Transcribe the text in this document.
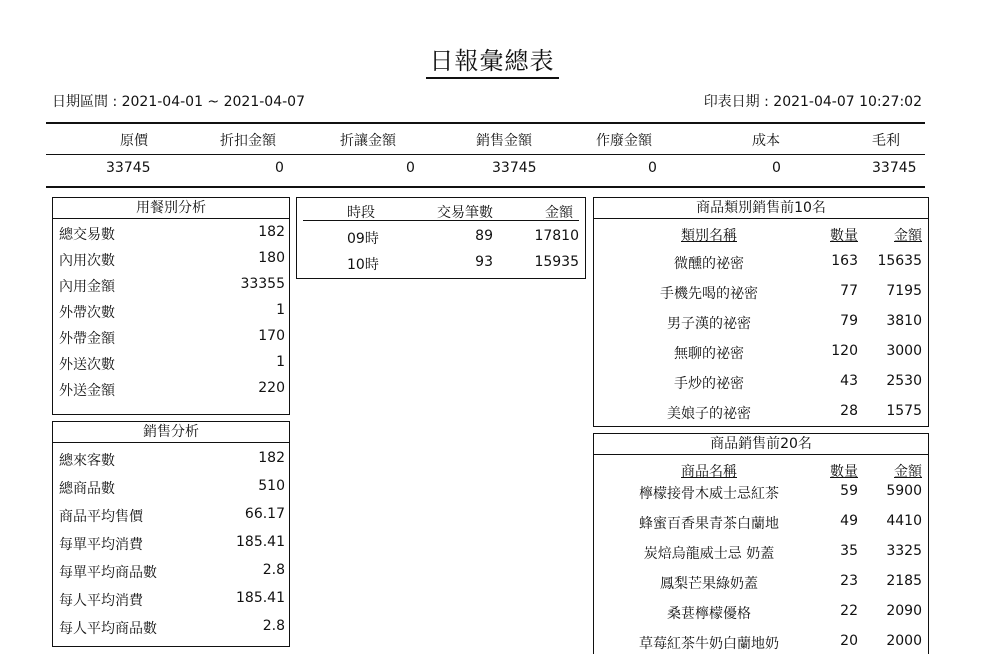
日報彙總表
日期區間 : 2021-04-01 ~ 2021-04-07	印表日期 : 2021-04-07 10:27:02
原價	折扣金額	折讓金額	銷售金額	作廢金額	成本	毛利
33745	0	0	33745	0	0	33745
用餐別分析
總交易數	182
內用次數	180
內用金額	33355
外帶次數	1
外帶金額	170
外送次數	1
外送金額	220
銷售分析
總來客數	182
總商品數	510
商品平均售價	66.17
每單平均消費	185.41
每單平均商品數	2.8
每人平均消費	185.41
每人平均商品數	2.8
時段	交易筆數	金額
09時	89	17810
10時	93	15935
商品類別銷售前10名
類別名稱	數量	金額
微醺的祕密	163 15635
手機先喝的祕密	77 7195
男子漢的祕密	79 3810
無聊的祕密	120 3000
手炒的祕密	43 2530
美娘子的祕密	28 1575
商品銷售前20名
商品名稱	數量	金額
檸檬接骨木威士忌紅茶	59 5900
蜂蜜百香果青茶白蘭地	49 4410
炭焙烏龍威士忌 奶蓋	35 3325
鳳梨芒果綠奶蓋	23 2185
桑葚檸檬優格	22 2090
草莓紅茶牛奶白蘭地奶	20 2000
